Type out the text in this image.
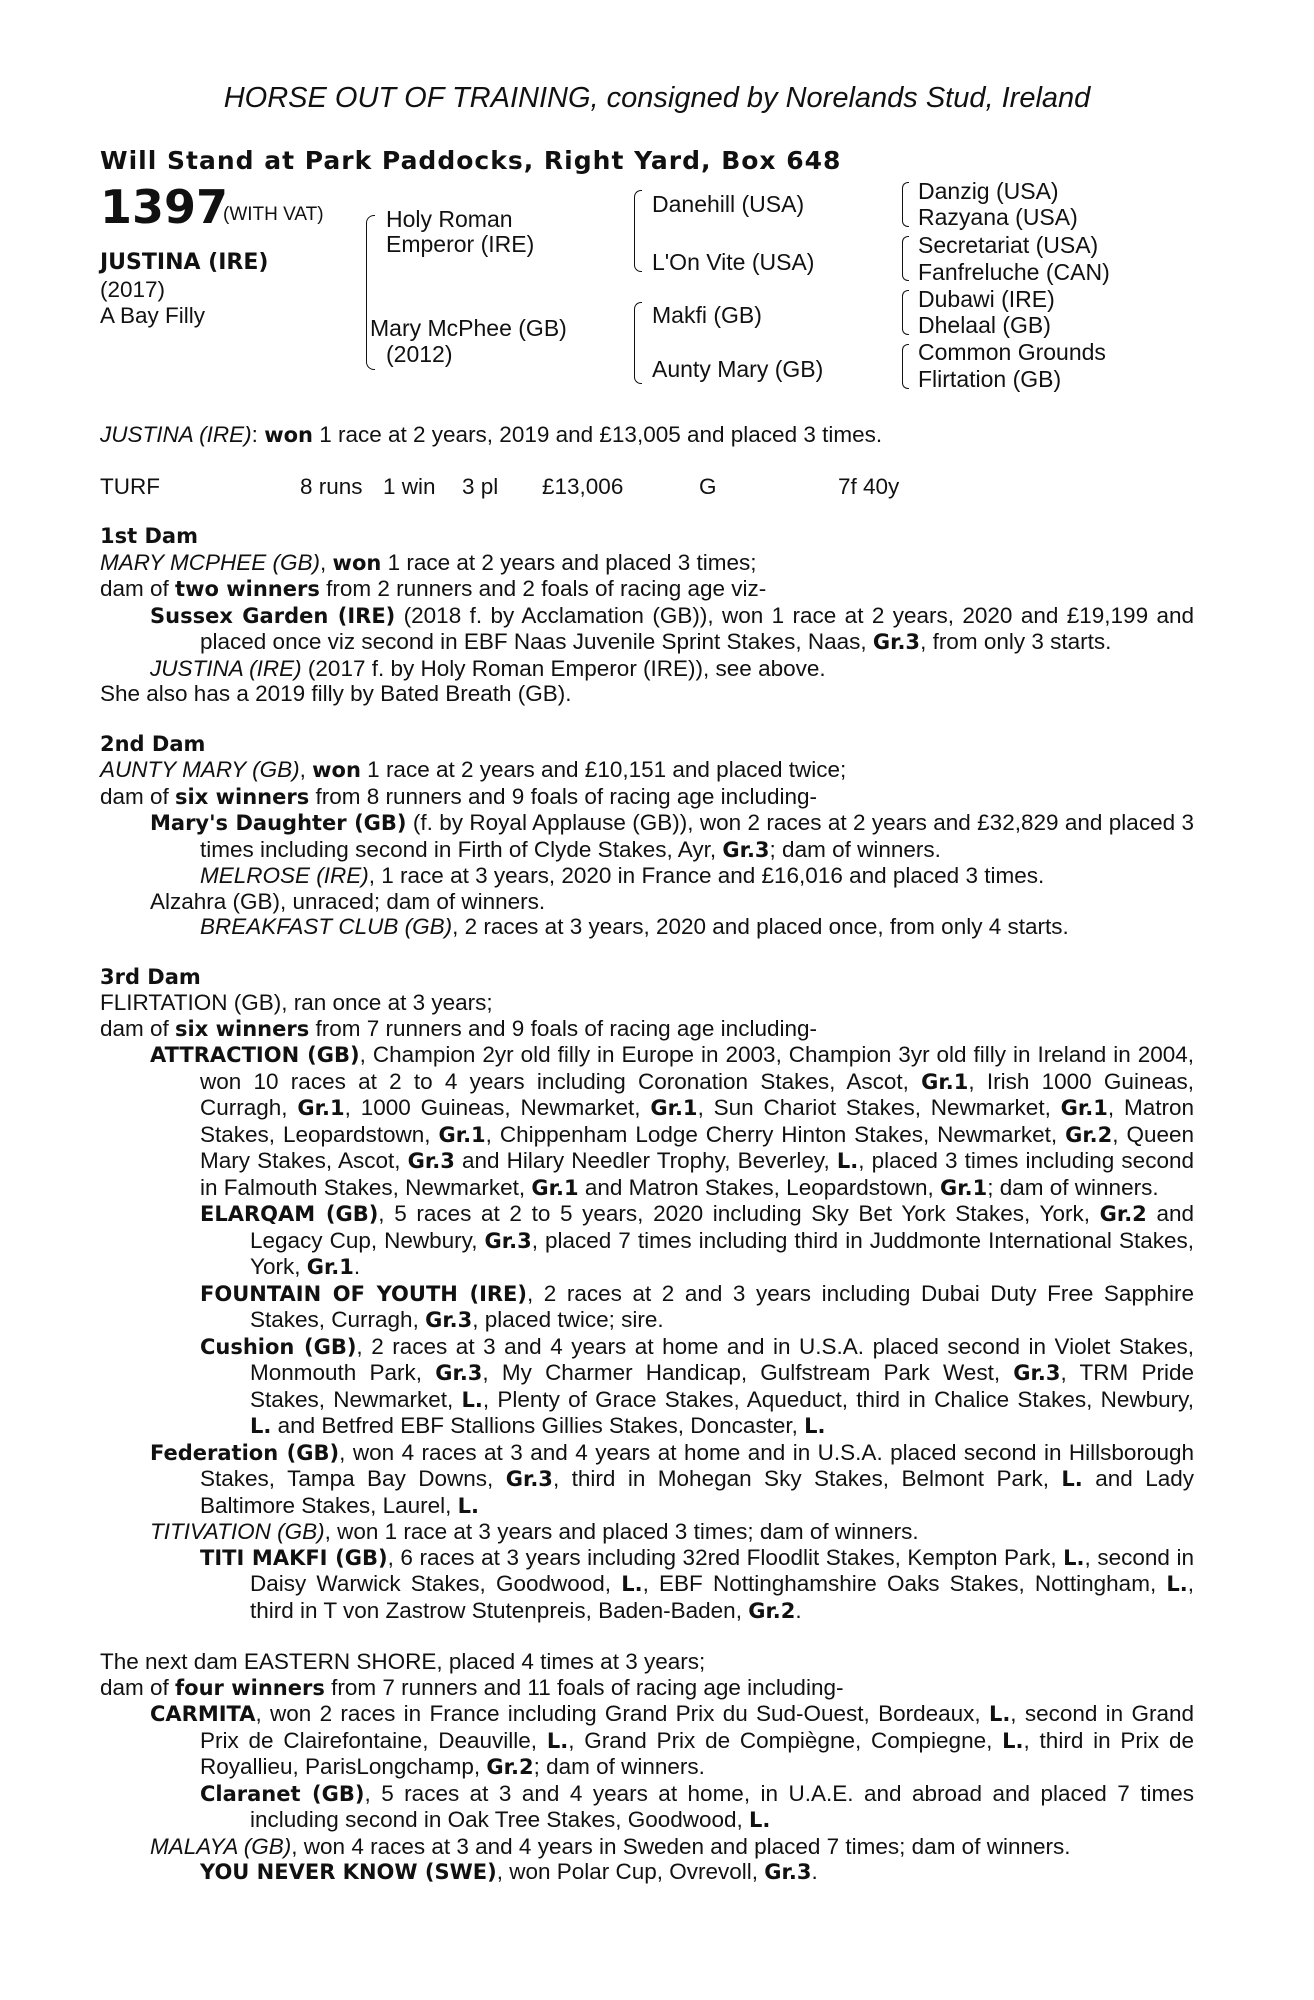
HORSE OUT OF TRAINING, consigned by Norelands Stud, Ireland
Will Stand at Park Paddocks, Right Yard, Box 648
1397
(WITH VAT)
JUSTINA (IRE)
(2017)
A Bay Filly
Holy Roman
Emperor (IRE)
Mary McPhee (GB)
(2012)
Danehill (USA)
L'On Vite (USA)
Makfi (GB)
Aunty Mary (GB)
Danzig (USA)
Razyana (USA)
Secretariat (USA)
Fanfreluche (CAN)
Dubawi (IRE)
Dhelaal (GB)
Common Grounds
Flirtation (GB)
JUSTINA (IRE): won 1 race at 2 years, 2019 and £13,005 and placed 3 times.
TURF	8 runs 1 win 3 pl £13,006	G	7f 40y

1st Dam

MARY MCPHEE (GB), won 1 race at 2 years and placed 3 times;

dam of two winners from 2 runners and 2 foals of racing age viz-

Sussex Garden (IRE) (2018 f. by Acclamation (GB)), won 1 race at 2 years, 2020 and £19,199 and placed once viz second in EBF Naas Juvenile Sprint Stakes, Naas, Gr.3, from only 3 starts.

JUSTINA (IRE) (2017 f. by Holy Roman Emperor (IRE)), see above.

She also has a 2019 filly by Bated Breath (GB).

2nd Dam

AUNTY MARY (GB), won 1 race at 2 years and £10,151 and placed twice;

dam of six winners from 8 runners and 9 foals of racing age including-

Mary's Daughter (GB) (f. by Royal Applause (GB)), won 2 races at 2 years and £32,829 and placed 3 times including second in Firth of Clyde Stakes, Ayr, Gr.3; dam of winners.

MELROSE (IRE), 1 race at 3 years, 2020 in France and £16,016 and placed 3 times.

Alzahra (GB), unraced; dam of winners.

BREAKFAST CLUB (GB), 2 races at 3 years, 2020 and placed once, from only 4 starts.

3rd Dam

FLIRTATION (GB), ran once at 3 years;

dam of six winners from 7 runners and 9 foals of racing age including-

ATTRACTION (GB), Champion 2yr old filly in Europe in 2003, Champion 3yr old filly in Ireland in 2004, won 10 races at 2 to 4 years including Coronation Stakes, Ascot, Gr.1, Irish 1000 Guineas, Curragh, Gr.1, 1000 Guineas, Newmarket, Gr.1, Sun Chariot Stakes, Newmarket, Gr.1, Matron Stakes, Leopardstown, Gr.1, Chippenham Lodge Cherry Hinton Stakes, Newmarket, Gr.2, Queen Mary Stakes, Ascot, Gr.3 and Hilary Needler Trophy, Beverley, L., placed 3 times including second in Falmouth Stakes, Newmarket, Gr.1 and Matron Stakes, Leopardstown, Gr.1; dam of winners.

ELARQAM (GB), 5 races at 2 to 5 years, 2020 including Sky Bet York Stakes, York, Gr.2 and Legacy Cup, Newbury, Gr.3, placed 7 times including third in Juddmonte International Stakes, York, Gr.1.

FOUNTAIN OF YOUTH (IRE), 2 races at 2 and 3 years including Dubai Duty Free Sapphire Stakes, Curragh, Gr.3, placed twice; sire.

Cushion (GB), 2 races at 3 and 4 years at home and in U.S.A. placed second in Violet Stakes, Monmouth Park, Gr.3, My Charmer Handicap, Gulfstream Park West, Gr.3, TRM Pride Stakes, Newmarket, L., Plenty of Grace Stakes, Aqueduct, third in Chalice Stakes, Newbury, L. and Betfred EBF Stallions Gillies Stakes, Doncaster, L.

Federation (GB), won 4 races at 3 and 4 years at home and in U.S.A. placed second in Hillsborough Stakes, Tampa Bay Downs, Gr.3, third in Mohegan Sky Stakes, Belmont Park, L. and Lady Baltimore Stakes, Laurel, L.

TITIVATION (GB), won 1 race at 3 years and placed 3 times; dam of winners.

TITI MAKFI (GB), 6 races at 3 years including 32red Floodlit Stakes, Kempton Park, L., second in Daisy Warwick Stakes, Goodwood, L., EBF Nottinghamshire Oaks Stakes, Nottingham, L., third in T von Zastrow Stutenpreis, Baden-Baden, Gr.2.

The next dam EASTERN SHORE, placed 4 times at 3 years;

dam of four winners from 7 runners and 11 foals of racing age including-

CARMITA, won 2 races in France including Grand Prix du Sud-Ouest, Bordeaux, L., second in Grand Prix de Clairefontaine, Deauville, L., Grand Prix de Compiègne, Compiegne, L., third in Prix de Royallieu, ParisLongchamp, Gr.2; dam of winners.

Claranet (GB), 5 races at 3 and 4 years at home, in U.A.E. and abroad and placed 7 times including second in Oak Tree Stakes, Goodwood, L.

MALAYA (GB), won 4 races at 3 and 4 years in Sweden and placed 7 times; dam of winners.

YOU NEVER KNOW (SWE), won Polar Cup, Ovrevoll, Gr.3.
